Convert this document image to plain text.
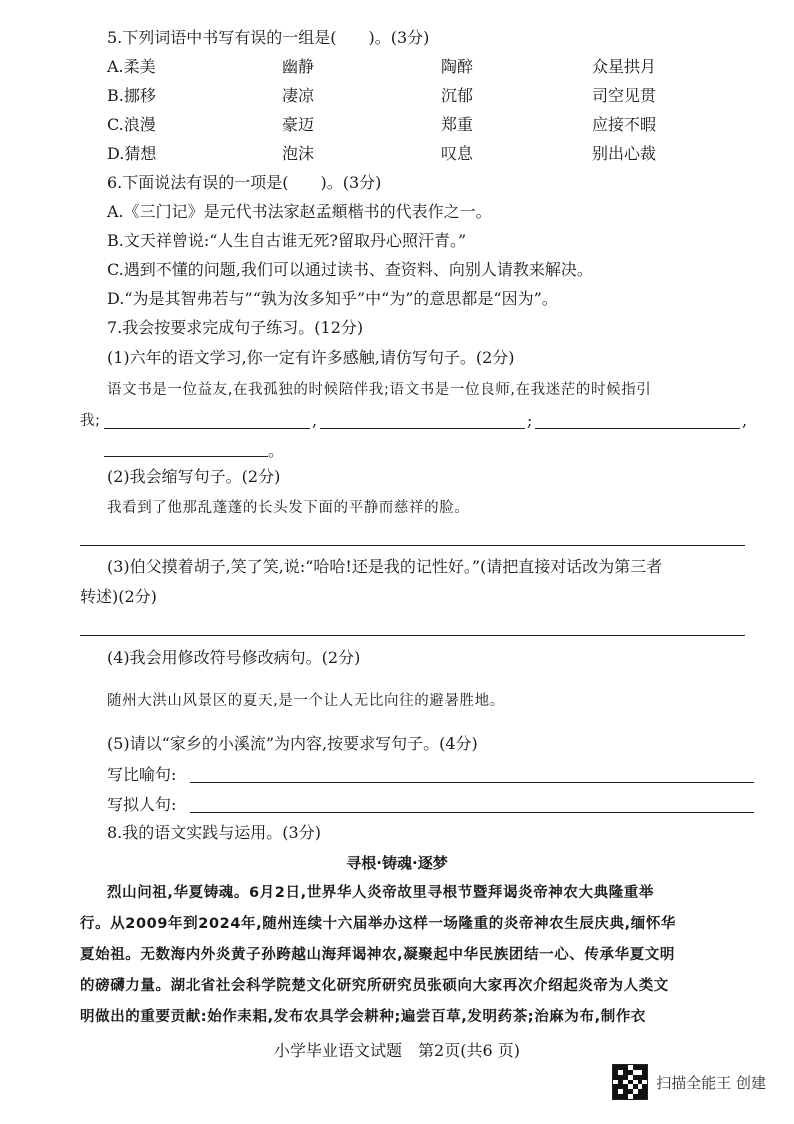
5.下列词语中书写有误的一组是(　　)。(3分)
A.柔美	幽静	陶醉	众星拱月
B.挪移	凄凉	沉郁	司空见贯
C.浪漫	豪迈	郑重	应接不暇
D.猜想	泡沫	叹息	别出心裁
6.下面说法有误的一项是(　　)。(3分)
A.《三门记》是元代书法家赵孟頫楷书的代表作之一。
B.文天祥曾说:“人生自古谁无死?留取丹心照汗青。”
C.遇到不懂的问题,我们可以通过读书、查资料、向别人请教来解决。
D.“为是其智弗若与”“孰为汝多知乎”中“为”的意思都是“因为”。
7.我会按要求完成句子练习。(12分)
(1)六年的语文学习,你一定有许多感触,请仿写句子。(2分)
语文书是一位益友,在我孤独的时候陪伴我;语文书是一位良师,在我迷茫的时候指引
我;	,	;	,
。
(2)我会缩写句子。(2分)
我看到了他那乱蓬蓬的长头发下面的平静而慈祥的脸。
(3)伯父摸着胡子,笑了笑,说:“哈哈!还是我的记性好。”(请把直接对话改为第三者
转述)(2分)
(4)我会用修改符号修改病句。(2分)
随州大洪山风景区的夏天,是一个让人无比向往的避暑胜地。
(5)请以“家乡的小溪流”为内容,按要求写句子。(4分)
写比喻句:
写拟人句:
8.我的语文实践与运用。(3分)
寻根·铸魂·逐梦
烈山问祖,华夏铸魂。6月2日,世界华人炎帝故里寻根节暨拜谒炎帝神农大典隆重举
行。从2009年到2024年,随州连续十六届举办这样一场隆重的炎帝神农生辰庆典,缅怀华
夏始祖。无数海内外炎黄子孙跨越山海拜谒神农,凝聚起中华民族团结一心、传承华夏文明
的磅礴力量。湖北省社会科学院楚文化研究所研究员张硕向大家再次介绍起炎帝为人类文
明做出的重要贡献:始作耒耜,发布农具学会耕种;遍尝百草,发明药茶;治麻为布,制作衣
小学毕业语文试题　第2页(共6 页)
扫描全能王 创建
